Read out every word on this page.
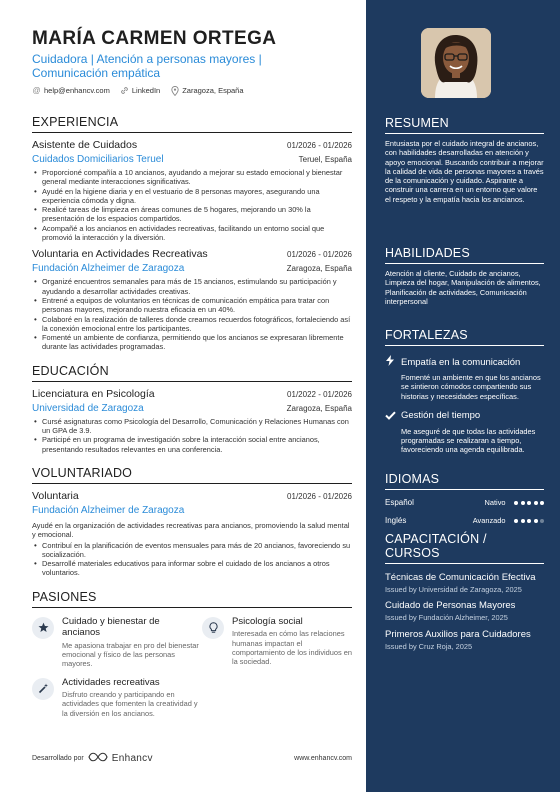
RESUMEN
Entusiasta por el cuidado integral de ancianos, con habilidades desarrolladas en atención y apoyo emocional. Buscando contribuir a mejorar la calidad de vida de personas mayores a través de la comunicación y cuidado. Aspirante a construir una carrera en un entorno que valore el respeto y la empatía hacia los ancianos.
HABILIDADES
Atención al cliente, Cuidado de ancianos, Limpieza del hogar, Manipulación de alimentos, Planificación de actividades, Comunicación interpersonal
FORTALEZAS
Empatía en la comunicación
Fomenté un ambiente en que los ancianos se sintieron cómodos compartiendo sus historias y necesidades específicas.
Gestión del tiempo
Me aseguré de que todas las actividades programadas se realizaran a tiempo, favoreciendo una agenda equilibrada.
IDIOMAS
Español	Nativo
Inglés	Avanzado
CAPACITACIÓN / CURSOS
Técnicas de Comunicación Efectiva
Issued by Universidad de Zaragoza, 2025
Cuidado de Personas Mayores
Issued by Fundación Alzheimer, 2025
Primeros Auxilios para Cuidadores
Issued by Cruz Roja, 2025
MARÍA CARMEN ORTEGA
Cuidadora | Atención a personas mayores | Comunicación empática
@ help@enhancv.com	LinkedIn	Zaragoza, España
EXPERIENCIA
Asistente de Cuidados	01/2026 - 01/2026
Cuidados Domiciliarios Teruel	Teruel, España
• Proporcioné compañía a 10 ancianos, ayudando a mejorar su estado emocional y bienestar general mediante interacciones significativas.
• Ayudé en la higiene diaria y en el vestuario de 8 personas mayores, asegurando una experiencia cómoda y digna.
• Realicé tareas de limpieza en áreas comunes de 5 hogares, mejorando un 30% la presentación de los espacios compartidos.
• Acompañé a los ancianos en actividades recreativas, facilitando un entorno social que promovió la interacción y la diversión.
Voluntaria en Actividades Recreativas	01/2026 - 01/2026
Fundación Alzheimer de Zaragoza	Zaragoza, España
• Organizé encuentros semanales para más de 15 ancianos, estimulando su participación y ayudando a desarrollar actividades creativas.
• Entrené a equipos de voluntarios en técnicas de comunicación empática para tratar con personas mayores, mejorando nuestra eficacia en un 40%.
• Colaboré en la realización de talleres donde creamos recuerdos fotográficos, fortaleciendo así la conexión emocional entre los participantes.
• Fomenté un ambiente de confianza, permitiendo que los ancianos se expresaran libremente durante las actividades programadas.
EDUCACIÓN
Licenciatura en Psicología	01/2022 - 01/2026
Universidad de Zaragoza	Zaragoza, España
• Cursé asignaturas como Psicología del Desarrollo, Comunicación y Relaciones Humanas con un GPA de 3.9.
• Participé en un programa de investigación sobre la interacción social entre ancianos, presentando resultados relevantes en una conferencia.
VOLUNTARIADO
Voluntaria	01/2026 - 01/2026
Fundación Alzheimer de Zaragoza
Ayudé en la organización de actividades recreativas para ancianos, promoviendo la salud mental y emocional.
• Contribuí en la planificación de eventos mensuales para más de 20 ancianos, favoreciendo su socialización.
• Desarrollé materiales educativos para informar sobre el cuidado de los ancianos a otros voluntarios.
PASIONES
Cuidado y bienestar de ancianos
Me apasiona trabajar en pro del bienestar emocional y físico de las personas mayores.
Psicología social
Interesada en cómo las relaciones humanas impactan el comportamiento de los individuos en la sociedad.
Actividades recreativas
Disfruto creando y participando en actividades que fomenten la creatividad y la diversión en los ancianos.
Desarrollado por	Enhancv	www.enhancv.com
